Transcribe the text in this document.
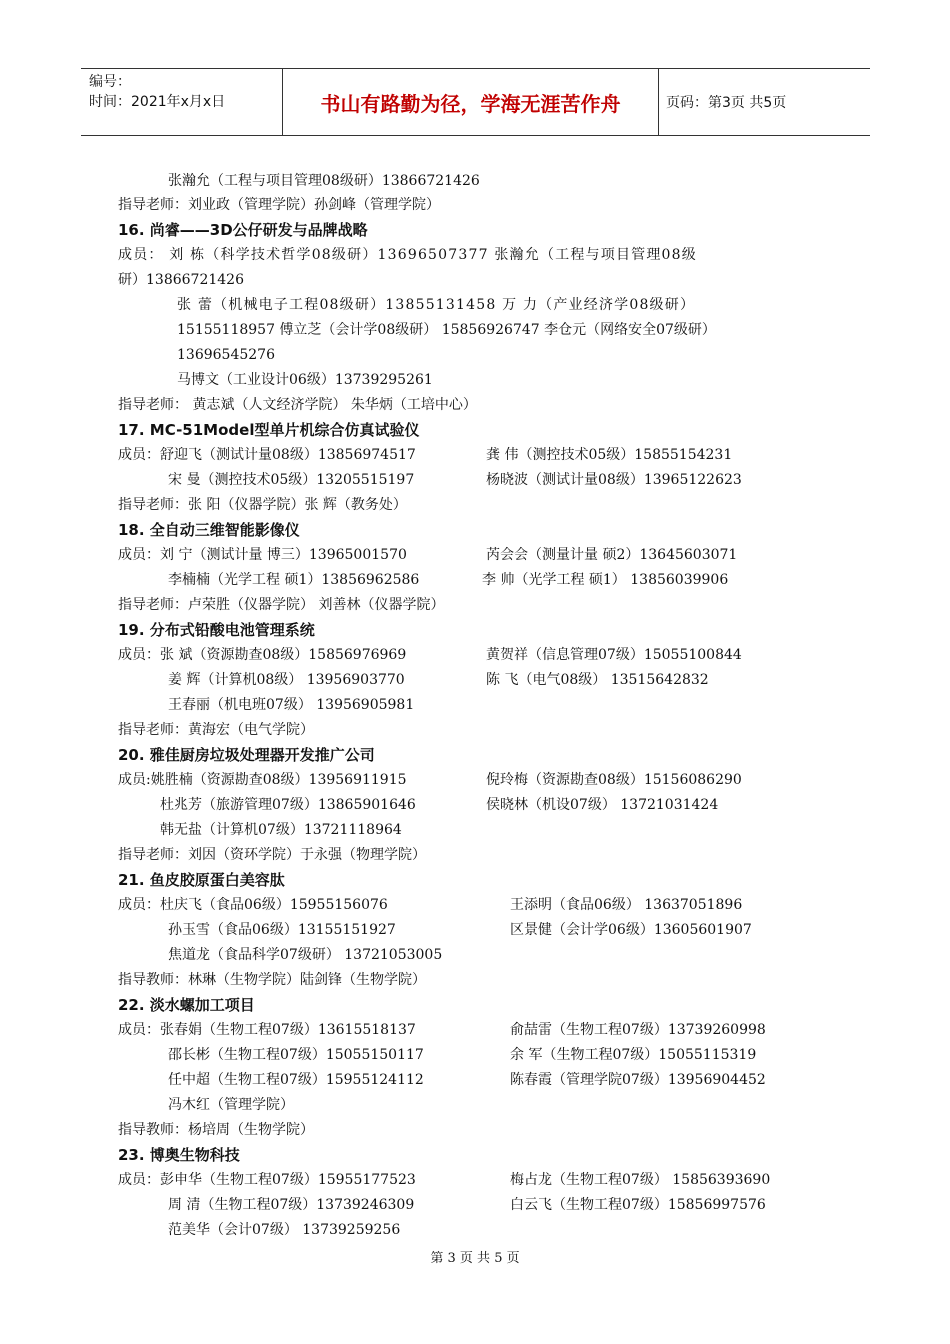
编号：
时间：2021年x月x日	书山有路勤为径，学海无涯苦作舟	页码：第3页 共5页
张瀚允（工程与项目管理08级研）13866721426
指导老师：刘业政（管理学院）孙剑峰（管理学院）
16. 尚睿——3D公仔研发与品牌战略
成员： 刘 栋（科学技术哲学08级研）13696507377 张瀚允（工程与项目管理08级
研）13866721426
张 蕾（机械电子工程08级研）13855131458 万 力（产业经济学08级研）
15155118957 傅立芝（会计学08级研） 15856926747 李仓元（网络安全07级研）
13696545276
马博文（工业设计06级）13739295261
指导老师： 黄志斌（人文经济学院） 朱华炳（工培中心）
17. MC-51Model型单片机综合仿真试验仪
成员：舒迎飞（测试计量08级）13856974517	龚 伟（测控技术05级）15855154231
宋 曼（测控技术05级）13205515197	杨晓波（测试计量08级）13965122623
指导老师：张 阳（仪器学院）张 辉（教务处）
18. 全自动三维智能影像仪
成员：刘 宁（测试计量 博三）13965001570	芮会会（测量计量 硕2）13645603071
李楠楠（光学工程 硕1）13856962586	李 帅（光学工程 硕1） 13856039906
指导老师：卢荣胜（仪器学院） 刘善林（仪器学院）
19. 分布式铅酸电池管理系统
成员：张 斌（资源勘查08级）15856976969	黄贺祥（信息管理07级）15055100844
姜 辉（计算机08级） 13956903770	陈 飞（电气08级） 13515642832
王春丽（机电班07级） 13956905981
指导老师：黄海宏（电气学院）
20. 雅佳厨房垃圾处理器开发推广公司
成员:姚胜楠（资源勘查08级）13956911915	倪玲梅（资源勘查08级）15156086290
杜兆芳（旅游管理07级）13865901646	侯晓林（机设07级） 13721031424
韩无盐（计算机07级）13721118964
指导老师：刘因（资环学院）于永强（物理学院）
21. 鱼皮胶原蛋白美容肽
成员：杜庆飞（食品06级）15955156076	王添明（食品06级） 13637051896
孙玉雪（食品06级）13155151927	区景健（会计学06级）13605601907
焦道龙（食品科学07级研） 13721053005
指导教师：林琳（生物学院）陆剑锋（生物学院）
22. 淡水螺加工项目
成员：张春娟（生物工程07级）13615518137	俞喆雷（生物工程07级）13739260998
邵长彬（生物工程07级）15055150117	余 军（生物工程07级）15055115319
任中超（生物工程07级）15955124112	陈春霞（管理学院07级）13956904452
冯木红（管理学院）
指导教师：杨培周（生物学院）
23. 博奥生物科技
成员：彭申华（生物工程07级）15955177523	梅占龙（生物工程07级） 15856393690
周 清（生物工程07级）13739246309	白云飞（生物工程07级）15856997576
范美华（会计07级） 13739259256
第 3 页 共 5 页
